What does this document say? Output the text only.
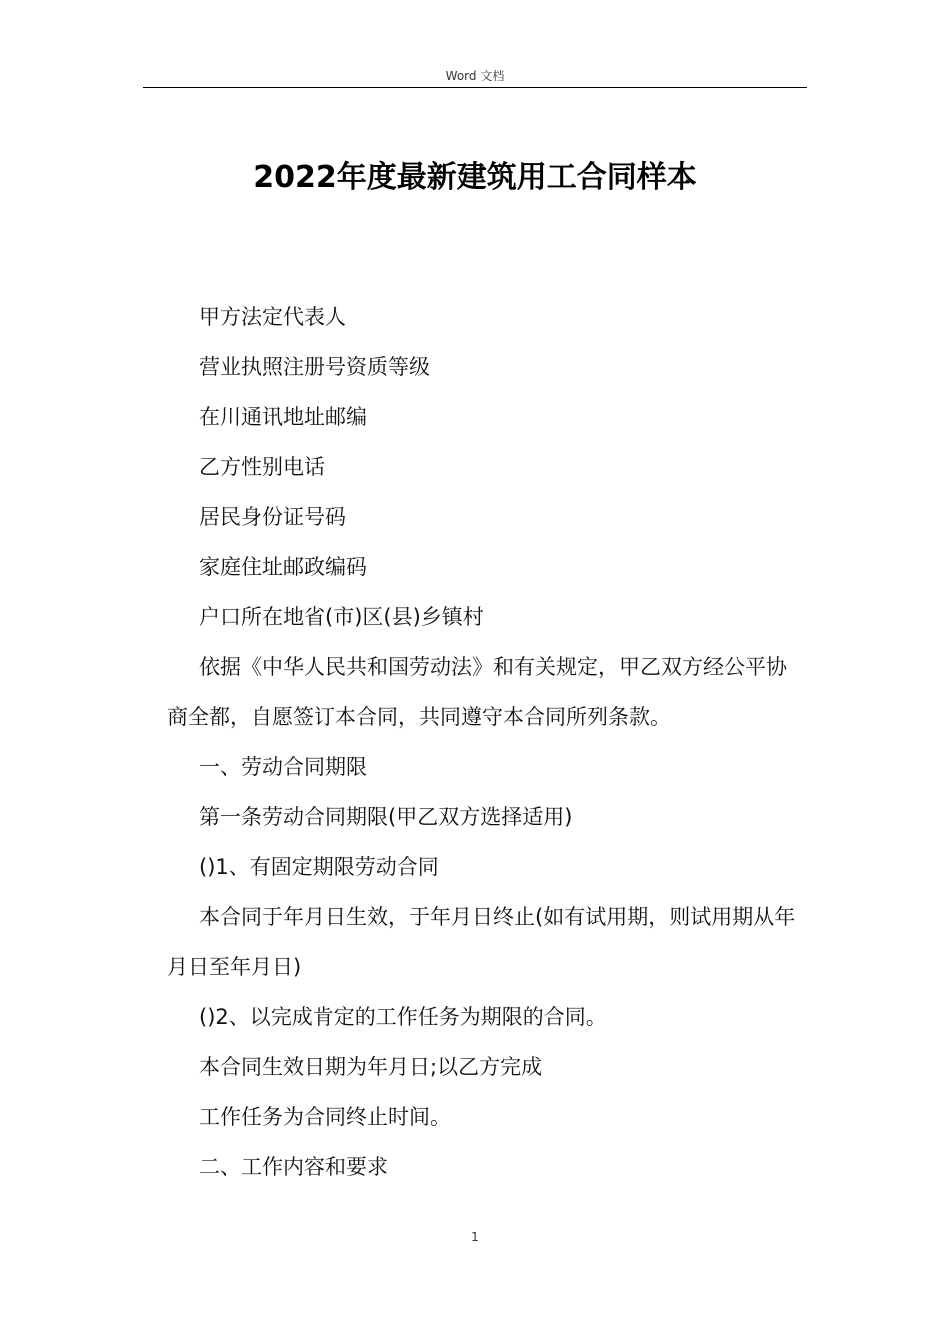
Word 文档
2022年度最新建筑用工合同样本

甲方法定代表人

营业执照注册号资质等级

在川通讯地址邮编

乙方性别电话

居民身份证号码

家庭住址邮政编码

户口所在地省(市)区(县)乡镇村

依据《中华人民共和国劳动法》和有关规定，甲乙双方经公平协商全都，自愿签订本合同，共同遵守本合同所列条款。

一、劳动合同期限

第一条劳动合同期限(甲乙双方选择适用)

()1、有固定期限劳动合同

本合同于年月日生效，于年月日终止(如有试用期，则试用期从年月日至年月日)

()2、以完成肯定的工作任务为期限的合同。

本合同生效日期为年月日;以乙方完成

工作任务为合同终止时间。

二、工作内容和要求

1
